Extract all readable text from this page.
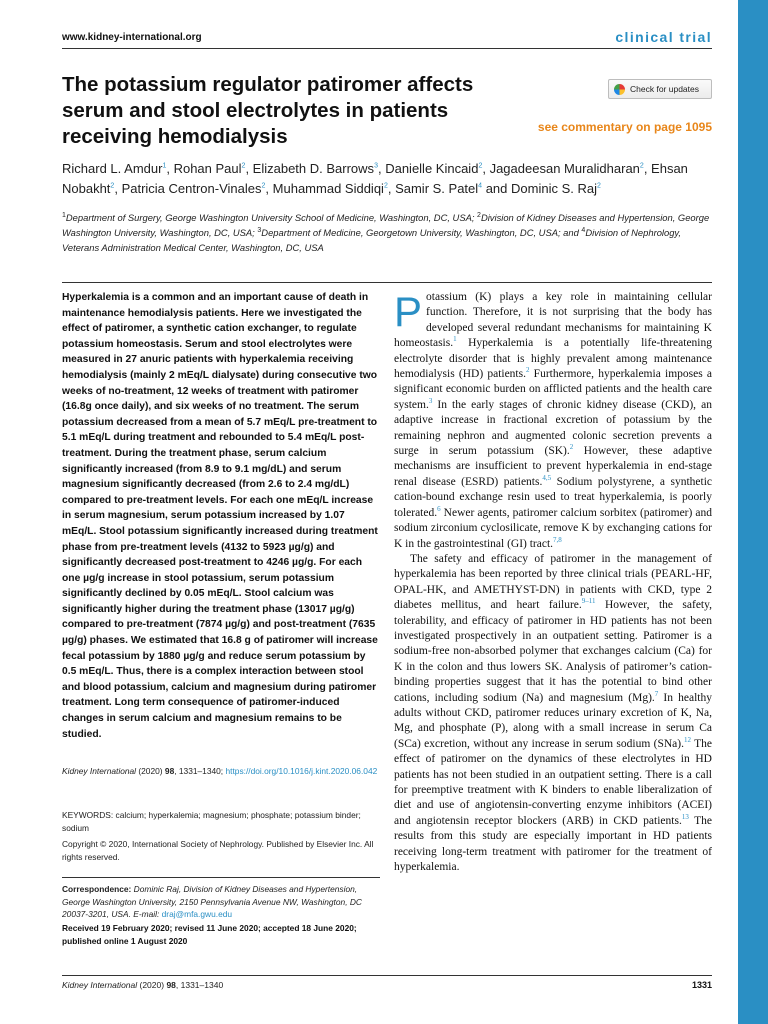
www.kidney-international.org	clinical trial
The potassium regulator patiromer affects serum and stool electrolytes in patients receiving hemodialysis
Check for updates
see commentary on page 1095
Richard L. Amdur$^1$, Rohan Paul$^2$, Elizabeth D. Barrows$^3$, Danielle Kincaid$^2$, Jagadeesan Muralidharan$^2$, Ehsan Nobakht$^2$, Patricia Centron-Vinales$^2$, Muhammad Siddiqi$^2$, Samir S. Patel$^4$ and Dominic S. Raj$^2$
$^1$Department of Surgery, George Washington University School of Medicine, Washington, DC, USA; $^2$Division of Kidney Diseases and Hypertension, George Washington University, Washington, DC, USA; $^3$Department of Medicine, Georgetown University, Washington, DC, USA; and $^4$Division of Nephrology, Veterans Administration Medical Center, Washington, DC, USA
Hyperkalemia is a common and an important cause of death in maintenance hemodialysis patients. Here we investigated the effect of patiromer, a synthetic cation exchanger, to regulate potassium homeostasis. Serum and stool electrolytes were measured in 27 anuric patients with hyperkalemia receiving hemodialysis (mainly 2 mEq/L dialysate) during consecutive two weeks of no-treatment, 12 weeks of treatment with patiromer (16.8g once daily), and six weeks of no treatment. The serum potassium decreased from a mean of 5.7 mEq/L pre-treatment to 5.1 mEq/L during treatment and rebounded to 5.4 mEq/L post-treatment. During the treatment phase, serum calcium significantly increased (from 8.9 to 9.1 mg/dL) and serum magnesium significantly decreased (from 2.6 to 2.4 mg/dL) compared to pre-treatment levels. For each one mEq/L increase in serum magnesium, serum potassium increased by 1.07 mEq/L. Stool potassium significantly increased during treatment phase from pre-treatment levels (4132 to 5923 µg/g) and significantly decreased post-treatment to 4246 µg/g. For each one µg/g increase in stool potassium, serum potassium significantly declined by 0.05 mEq/L. Stool calcium was significantly higher during the treatment phase (13017 µg/g) compared to pre-treatment (7874 µg/g) and post-treatment (7635 µg/g) phases. We estimated that 16.8 g of patiromer will increase fecal potassium by 1880 µg/g and reduce serum potassium by 0.5 mEq/L. Thus, there is a complex interaction between stool and blood potassium, calcium and magnesium during patiromer treatment. Long term consequence of patiromer-induced changes in serum calcium and magnesium remains to be studied.
Kidney International (2020) 98, 1331–1340; https://doi.org/10.1016/j.kint.2020.06.042
KEYWORDS: calcium; hyperkalemia; magnesium; phosphate; potassium binder; sodium
Copyright © 2020, International Society of Nephrology. Published by Elsevier Inc. All rights reserved.
Correspondence: Dominic Raj, Division of Kidney Diseases and Hypertension, George Washington University, 2150 Pennsylvania Avenue NW, Washington, DC 20037-3201, USA. E-mail: draj@mfa.gwu.edu
Received 19 February 2020; revised 11 June 2020; accepted 18 June 2020; published online 1 August 2020

Potassium (K) plays a key role in maintaining cellular function. Therefore, it is not surprising that the body has developed several redundant mechanisms for maintaining K homeostasis.$^1$ Hyperkalemia is a potentially life-threatening electrolyte disorder that is highly prevalent among maintenance hemodialysis (HD) patients.$^2$ Furthermore, hyperkalemia imposes a significant economic burden on afflicted patients and the health care system.$^3$ In the early stages of chronic kidney disease (CKD), an adaptive increase in fractional excretion of potassium by the remaining nephron and augmented colonic secretion prevents a surge in serum potassium (SK).$^2$ However, these adaptive mechanisms are insufficient to prevent hyperkalemia in end-stage renal disease (ESRD) patients.$^{4,5}$ Sodium polystyrene, a synthetic cation-bound exchange resin used to treat hyperkalemia, is poorly tolerated.$^6$ Newer agents, patiromer calcium sorbitex (patiromer) and sodium zirconium cyclosilicate, remove K by exchanging cations for K in the gastrointestinal (GI) tract.$^{7,8}$

The safety and efficacy of patiromer in the management of hyperkalemia has been reported by three clinical trials (PEARL-HF, OPAL-HK, and AMETHYST-DN) in patients with CKD, type 2 diabetes mellitus, and heart failure.$^{9-11}$ However, the safety, tolerability, and efficacy of patiromer in HD patients has not been investigated prospectively in an outpatient setting. Patiromer is a sodium-free non-absorbed polymer that exchanges calcium (Ca) for K in the colon and thus lowers SK. Analysis of patiromer’s cation-binding properties suggest that it has the potential to bind other cations, including sodium (Na) and magnesium (Mg).$^7$ In healthy adults without CKD, patiromer reduces urinary excretion of K, Na, Mg, and phosphate (P), along with a small increase in serum Ca (SCa) excretion, without any increase in serum sodium (SNa).$^{12}$ The effect of patiromer on the dynamics of these electrolytes in HD patients has not been studied in an outpatient setting. There is a call for preemptive treatment with K binders to enable liberalization of diet and use of angiotensin-converting enzyme inhibitors (ACEI) and angiotensin receptor blockers (ARB) in CKD patients.$^{13}$ The results from this study are especially important in HD patients receiving long-term treatment with patiromer for the treatment of hyperkalemia.

Kidney International (2020) 98, 1331–1340	1331
